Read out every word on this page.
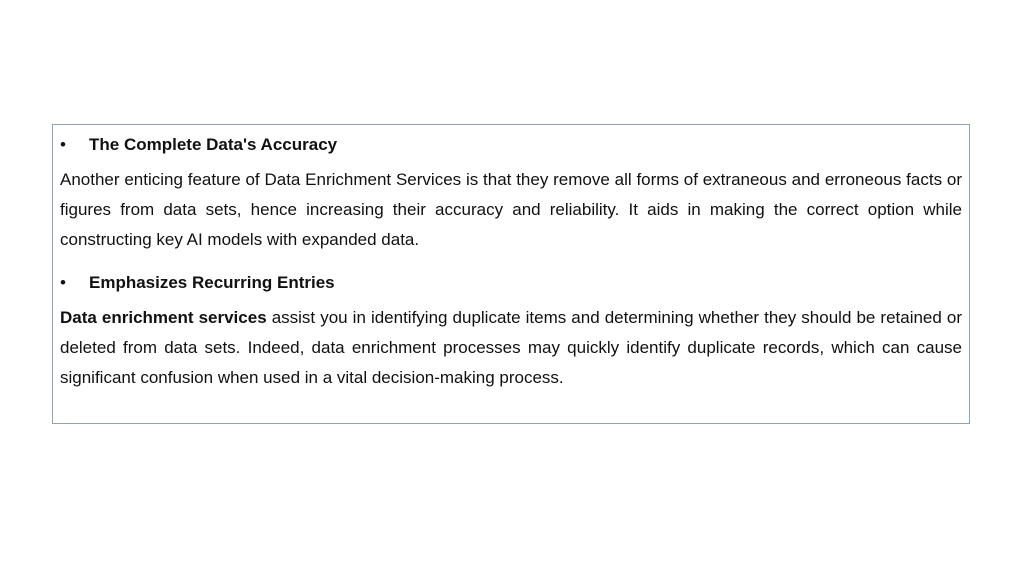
•	The Complete Data's Accuracy

Another enticing feature of Data Enrichment Services is that they remove all forms of extraneous and erroneous facts or figures from data sets, hence increasing their accuracy and reliability. It aids in making the correct option while constructing key AI models with expanded data.

•	Emphasizes Recurring Entries

Data enrichment services assist you in identifying duplicate items and determining whether they should be retained or deleted from data sets. Indeed, data enrichment processes may quickly identify duplicate records, which can cause significant confusion when used in a vital decision-making process.
